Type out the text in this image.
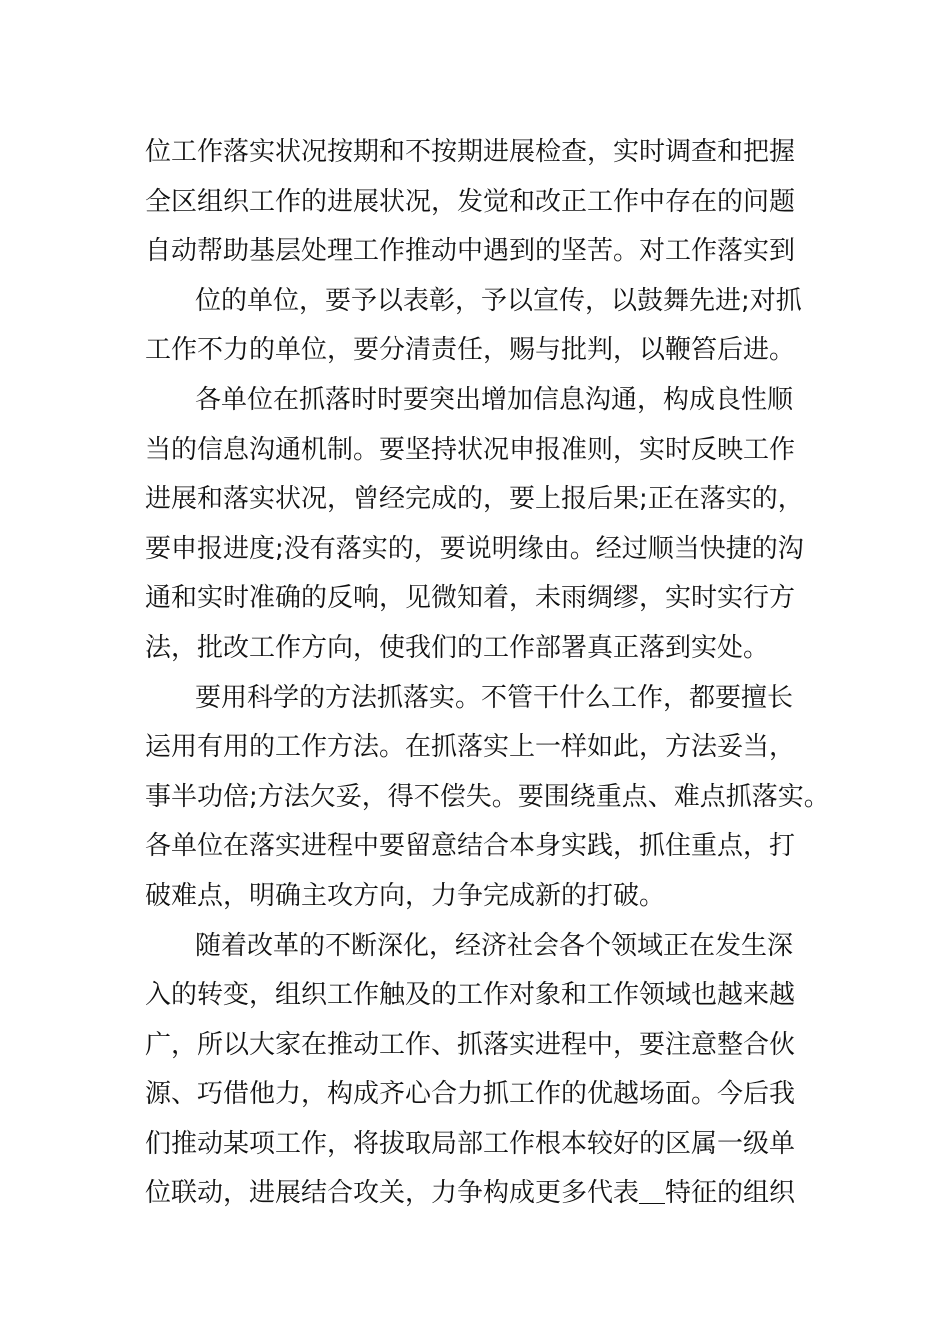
位工作落实状况按期和不按期进展检查，实时调查和把握
全区组织工作的进展状况，发觉和改正工作中存在的问题
自动帮助基层处理工作推动中遇到的坚苦。对工作落实到
位的单位，要予以表彰，予以宣传，以鼓舞先进;对抓
工作不力的单位，要分清责任，赐与批判，以鞭笞后进。
各单位在抓落时时要突出增加信息沟通，构成良性顺
当的信息沟通机制。要坚持状况申报准则，实时反映工作
进展和落实状况，曾经完成的，要上报后果;正在落实的，
要申报进度;没有落实的，要说明缘由。经过顺当快捷的沟
通和实时准确的反响，见微知着，未雨绸缪，实时实行方
法，批改工作方向，使我们的工作部署真正落到实处。
要用科学的方法抓落实。不管干什么工作，都要擅长
运用有用的工作方法。在抓落实上一样如此，方法妥当，
事半功倍;方法欠妥，得不偿失。要围绕重点、难点抓落实。
各单位在落实进程中要留意结合本身实践，抓住重点，打
破难点，明确主攻方向，力争完成新的打破。
随着改革的不断深化，经济社会各个领域正在发生深
入的转变，组织工作触及的工作对象和工作领域也越来越
广，所以大家在推动工作、抓落实进程中，要注意整合伙
源、巧借他力，构成齐心合力抓工作的优越场面。今后我
们推动某项工作，将拔取局部工作根本较好的区属一级单
位联动，进展结合攻关，力争构成更多代表＿特征的组织
